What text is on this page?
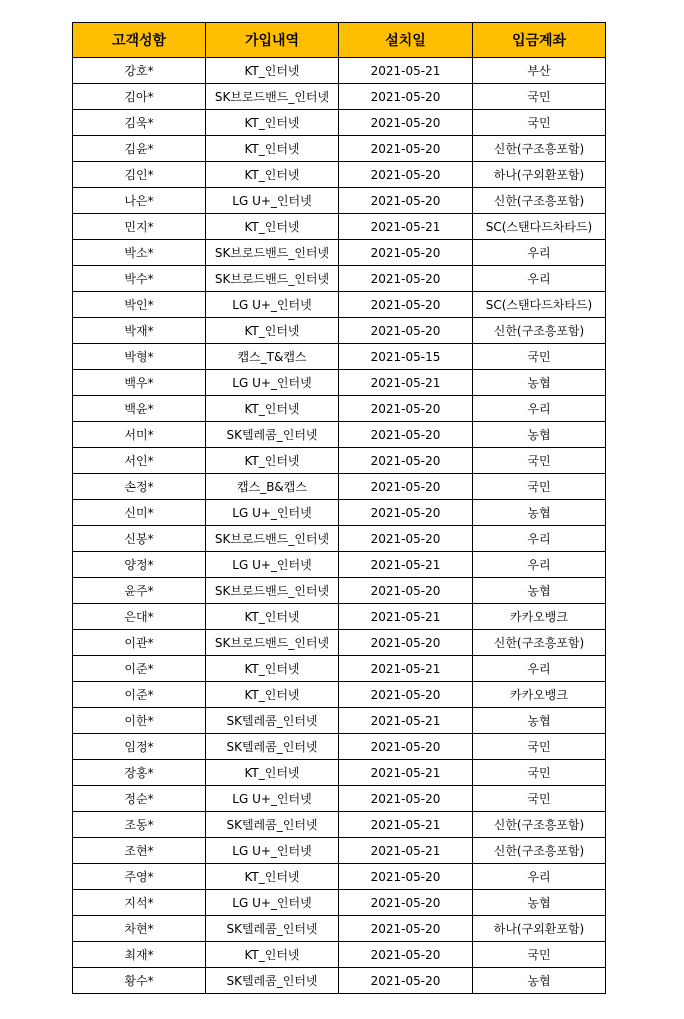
고객성함	가입내역	설치일	입금계좌
강호*	KT_인터넷	2021-05-21	부산
김아*	SK브로드밴드_인터넷	2021-05-20	국민
김욱*	KT_인터넷	2021-05-20	국민
김윤*	KT_인터넷	2021-05-20	신한(구조흥포함)
김인*	KT_인터넷	2021-05-20	하나(구외환포함)
나은*	LG U+_인터넷	2021-05-20	신한(구조흥포함)
민지*	KT_인터넷	2021-05-21	SC(스탠다드차타드)
박소*	SK브로드밴드_인터넷	2021-05-20	우리
박수*	SK브로드밴드_인터넷	2021-05-20	우리
박인*	LG U+_인터넷	2021-05-20	SC(스탠다드차타드)
박재*	KT_인터넷	2021-05-20	신한(구조흥포함)
박형*	캡스_T&캡스	2021-05-15	국민
백우*	LG U+_인터넷	2021-05-21	농협
백윤*	KT_인터넷	2021-05-20	우리
서미*	SK텔레콤_인터넷	2021-05-20	농협
서인*	KT_인터넷	2021-05-20	국민
손정*	캡스_B&캡스	2021-05-20	국민
신미*	LG U+_인터넷	2021-05-20	농협
신봉*	SK브로드밴드_인터넷	2021-05-20	우리
양정*	LG U+_인터넷	2021-05-21	우리
윤주*	SK브로드밴드_인터넷	2021-05-20	농협
은대*	KT_인터넷	2021-05-21	카카오뱅크
이관*	SK브로드밴드_인터넷	2021-05-20	신한(구조흥포함)
이준*	KT_인터넷	2021-05-21	우리
이준*	KT_인터넷	2021-05-20	카카오뱅크
이한*	SK텔레콤_인터넷	2021-05-21	농협
임정*	SK텔레콤_인터넷	2021-05-20	국민
장홍*	KT_인터넷	2021-05-21	국민
정순*	LG U+_인터넷	2021-05-20	국민
조동*	SK텔레콤_인터넷	2021-05-21	신한(구조흥포함)
조현*	LG U+_인터넷	2021-05-21	신한(구조흥포함)
주영*	KT_인터넷	2021-05-20	우리
지석*	LG U+_인터넷	2021-05-20	농협
차현*	SK텔레콤_인터넷	2021-05-20	하나(구외환포함)
최재*	KT_인터넷	2021-05-20	국민
황수*	SK텔레콤_인터넷	2021-05-20	농협
